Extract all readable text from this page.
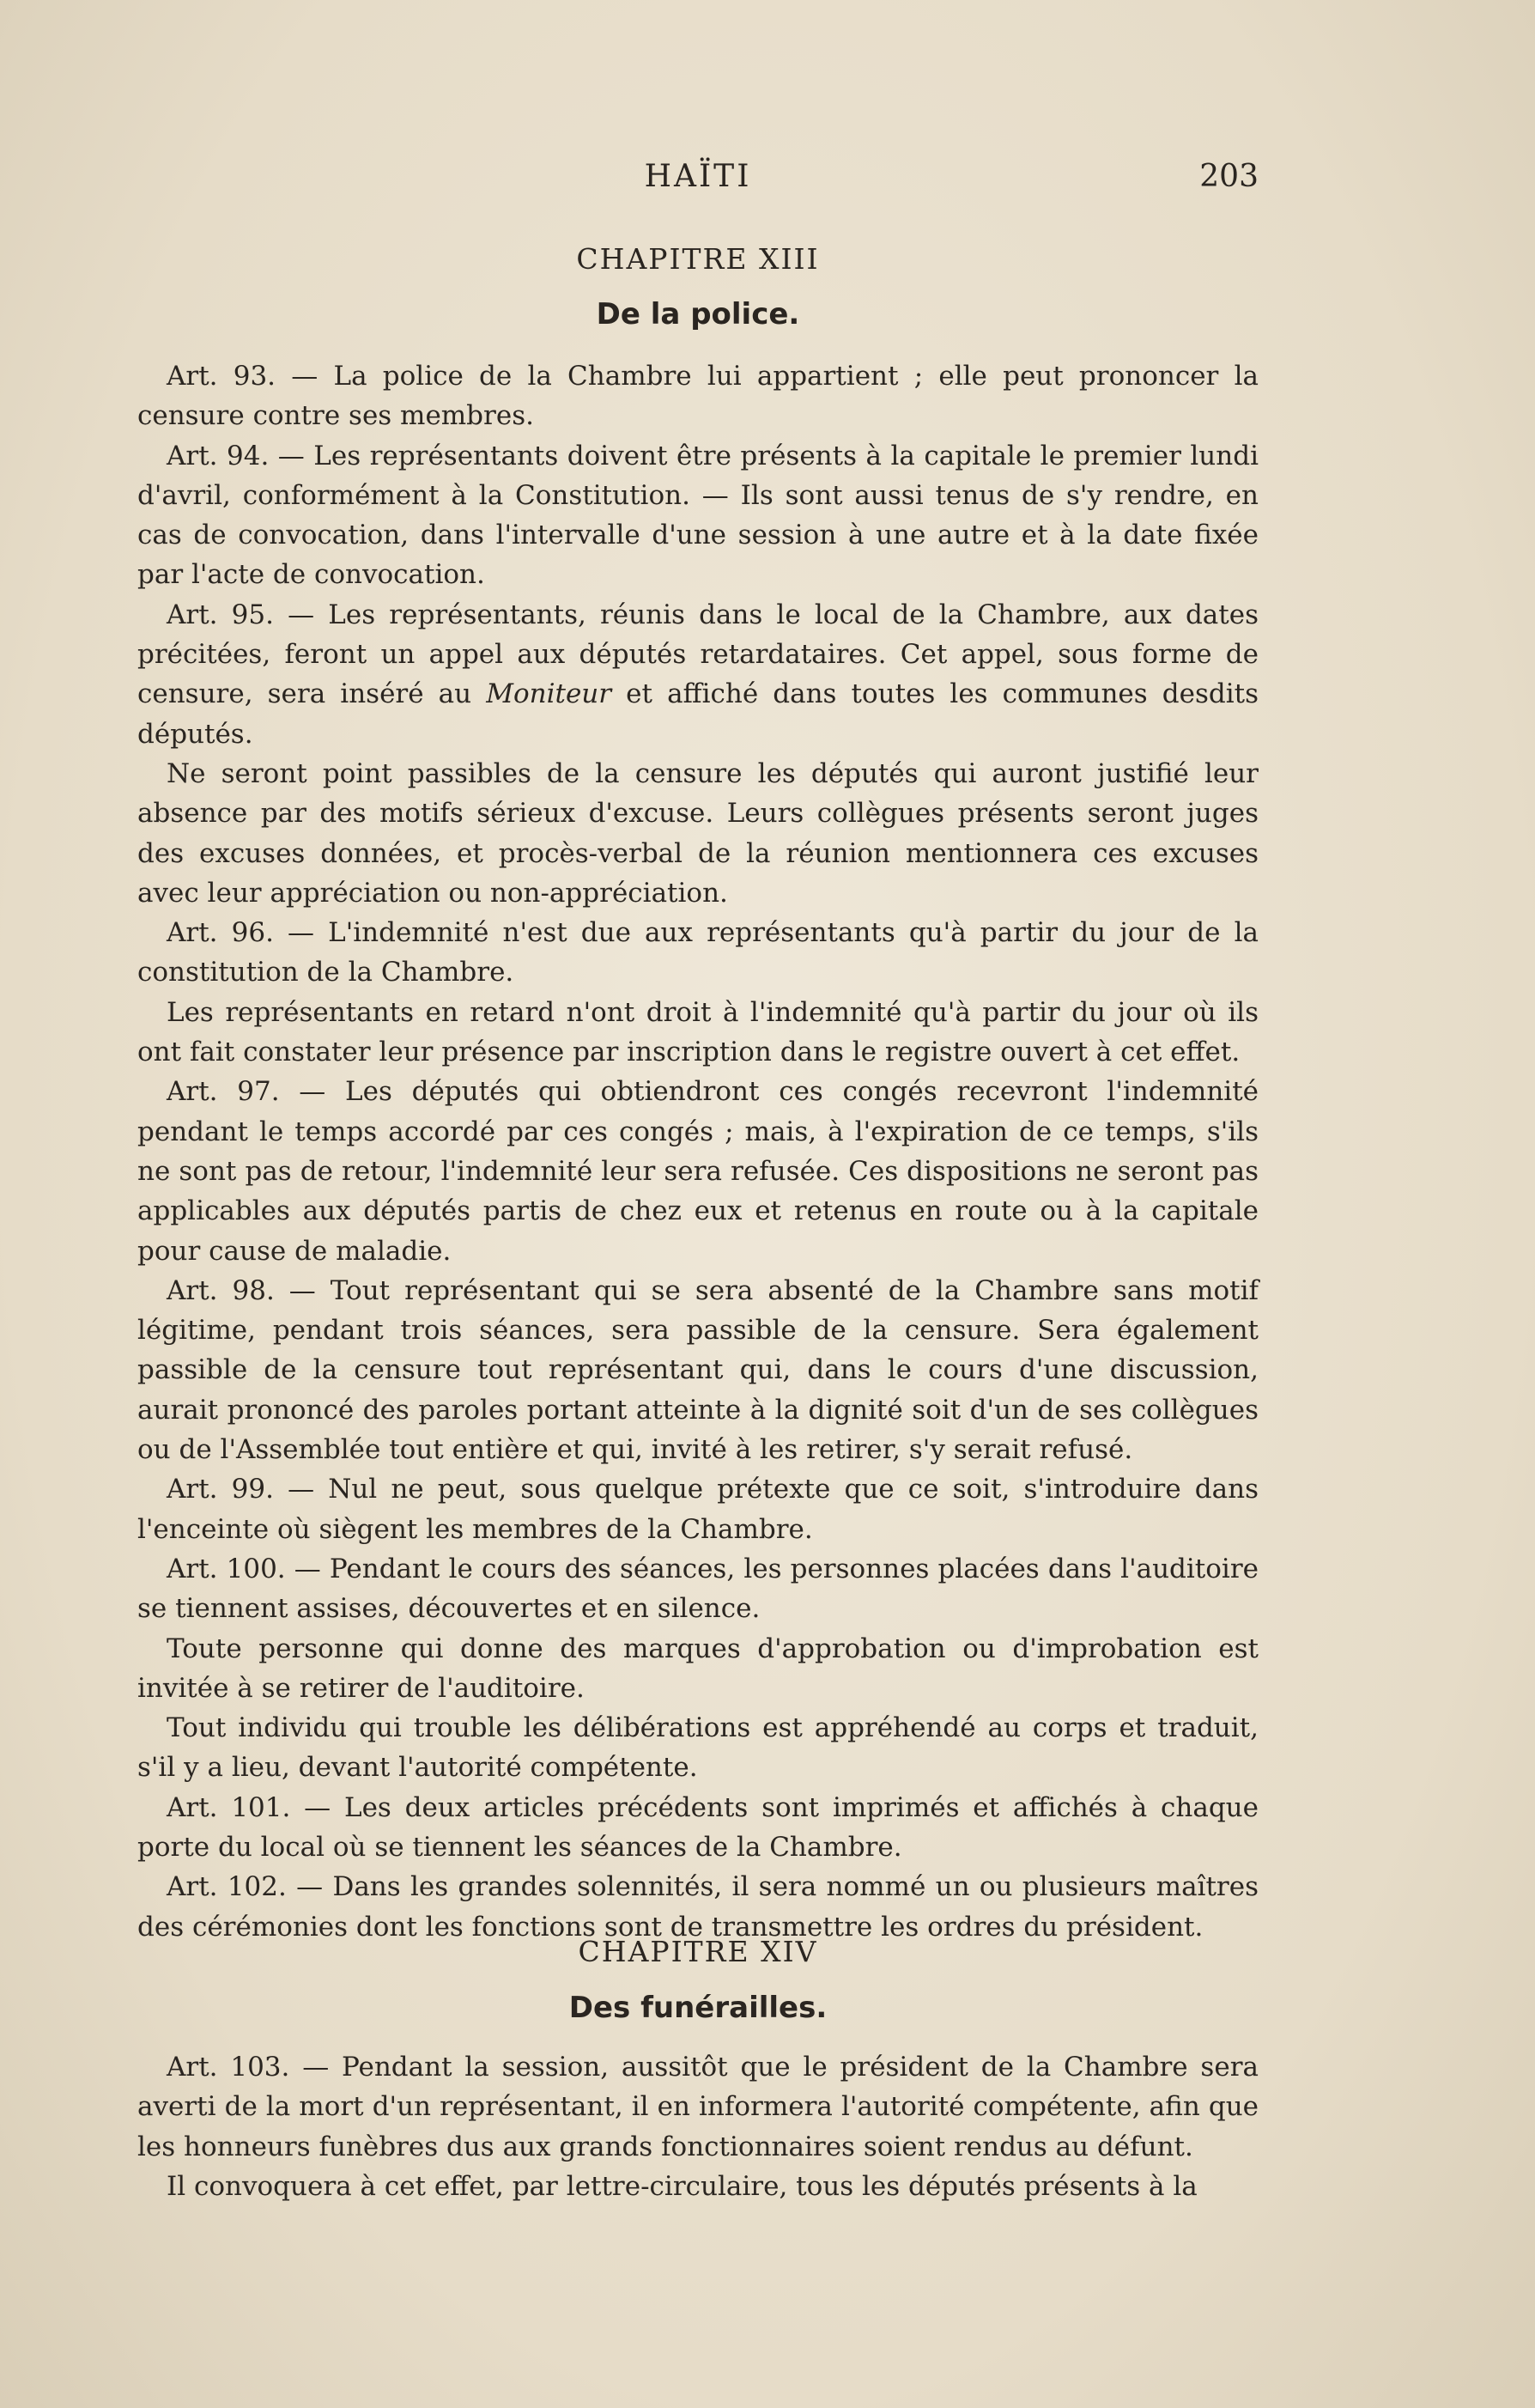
HAÏTI	203

CHAPITRE XIII

De la police.

Art. 93. — La police de la Chambre lui appartient ; elle peut prononcer la censure contre ses membres.

Art. 94. — Les représentants doivent être présents à la capitale le premier lundi d'avril, conformément à la Constitution. — Ils sont aussi tenus de s'y rendre, en cas de convocation, dans l'intervalle d'une session à une autre et à la date fixée par l'acte de convocation.

Art. 95. — Les représentants, réunis dans le local de la Chambre, aux dates précitées, feront un appel aux députés retardataires. Cet appel, sous forme de censure, sera inséré au Moniteur et affiché dans toutes les communes desdits députés.

Ne seront point passibles de la censure les députés qui auront justifié leur absence par des motifs sérieux d'excuse. Leurs collègues présents seront juges des excuses données, et procès-verbal de la réunion mentionnera ces excuses avec leur appréciation ou non-appréciation.

Art. 96. — L'indemnité n'est due aux représentants qu'à partir du jour de la constitution de la Chambre.

Les représentants en retard n'ont droit à l'indemnité qu'à partir du jour où ils ont fait constater leur présence par inscription dans le registre ouvert à cet effet.

Art. 97. — Les députés qui obtiendront ces congés recevront l'indemnité pendant le temps accordé par ces congés ; mais, à l'expiration de ce temps, s'ils ne sont pas de retour, l'indemnité leur sera refusée. Ces dispositions ne seront pas applicables aux députés partis de chez eux et retenus en route ou à la capitale pour cause de maladie.

Art. 98. — Tout représentant qui se sera absenté de la Chambre sans motif légitime, pendant trois séances, sera passible de la censure. Sera également passible de la censure tout représentant qui, dans le cours d'une discussion, aurait prononcé des paroles portant atteinte à la dignité soit d'un de ses collègues ou de l'Assemblée tout entière et qui, invité à les retirer, s'y serait refusé.

Art. 99. — Nul ne peut, sous quelque prétexte que ce soit, s'introduire dans l'enceinte où siègent les membres de la Chambre.

Art. 100. — Pendant le cours des séances, les personnes placées dans l'auditoire se tiennent assises, découvertes et en silence.

Toute personne qui donne des marques d'approbation ou d'improbation est invitée à se retirer de l'auditoire.

Tout individu qui trouble les délibérations est appréhendé au corps et traduit, s'il y a lieu, devant l'autorité compétente.

Art. 101. — Les deux articles précédents sont imprimés et affichés à chaque porte du local où se tiennent les séances de la Chambre.

Art. 102. — Dans les grandes solennités, il sera nommé un ou plusieurs maîtres des cérémonies dont les fonctions sont de transmettre les ordres du président.

CHAPITRE XIV

Des funérailles.

Art. 103. — Pendant la session, aussitôt que le président de la Chambre sera averti de la mort d'un représentant, il en informera l'autorité compétente, afin que les honneurs funèbres dus aux grands fonctionnaires soient rendus au défunt.

Il convoquera à cet effet, par lettre-circulaire, tous les députés présents à la
